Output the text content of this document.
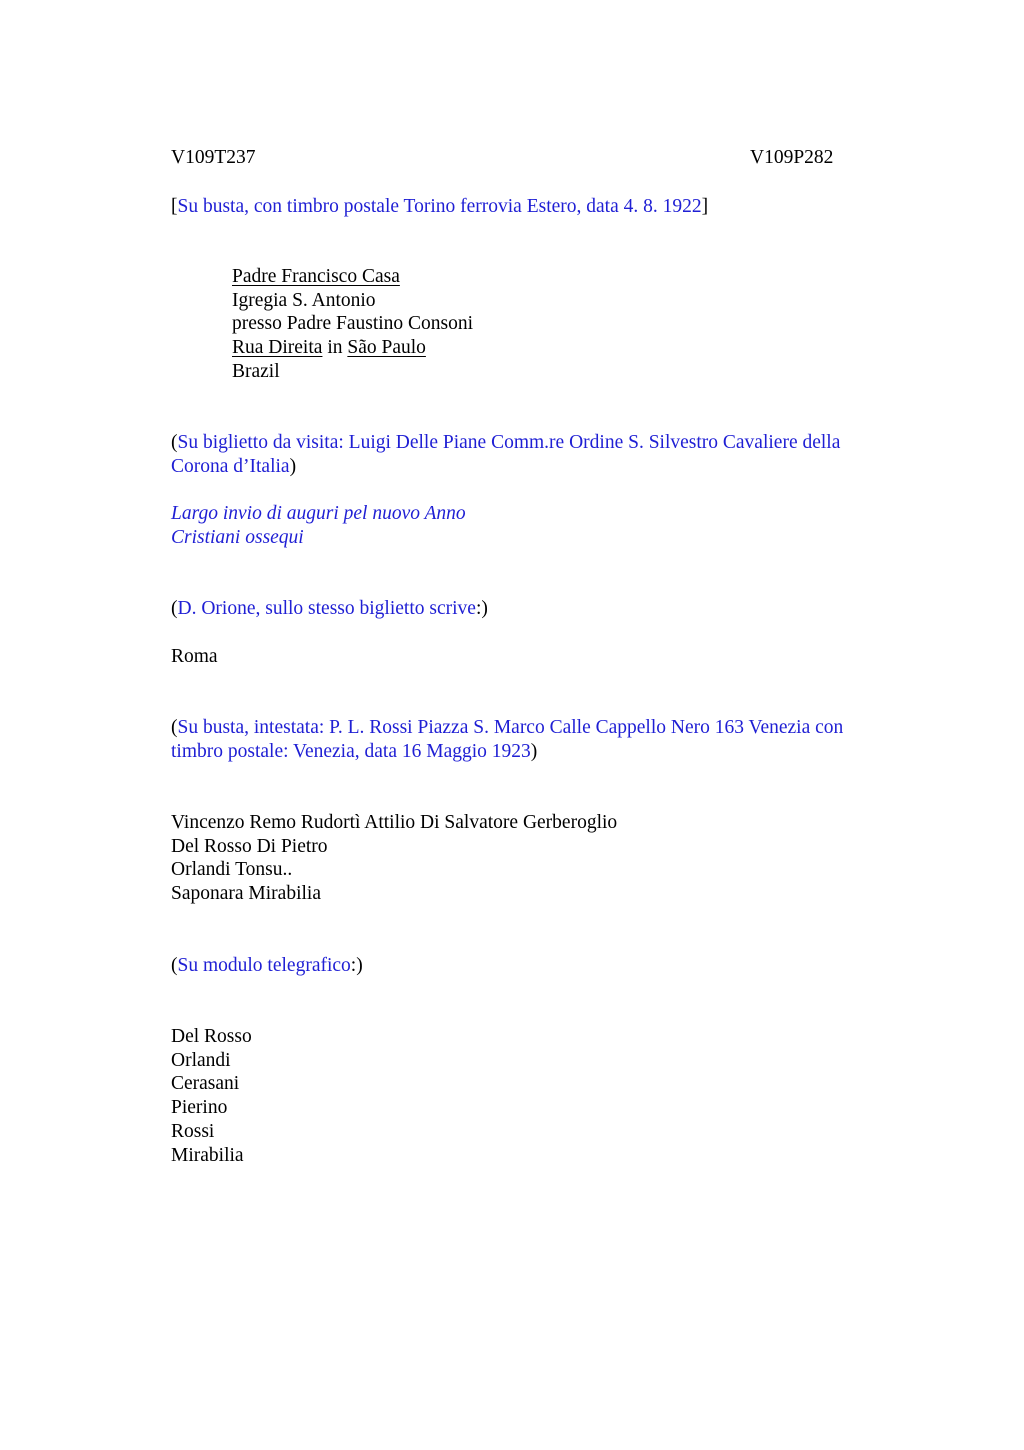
V109T237	V109P282
[Su busta, con timbro postale Torino ferrovia Estero, data 4. 8. 1922]
Padre Francisco Casa
Igregia S. Antonio
presso Padre Faustino Consoni
Rua Direita in São Paulo
Brazil
(Su biglietto da visita: Luigi Delle Piane Comm.re Ordine S. Silvestro Cavaliere della
Corona d’Italia)
Largo invio di auguri pel nuovo Anno
Cristiani ossequi
(D. Orione, sullo stesso biglietto scrive:)
Roma
(Su busta, intestata: P. L. Rossi Piazza S. Marco Calle Cappello Nero 163 Venezia con
timbro postale: Venezia, data 16 Maggio 1923)
Vincenzo Remo Rudortì Attilio Di Salvatore Gerberoglio
Del Rosso Di Pietro
Orlandi Tonsu..
Saponara Mirabilia
(Su modulo telegrafico:)
Del Rosso
Orlandi
Cerasani
Pierino
Rossi
Mirabilia
